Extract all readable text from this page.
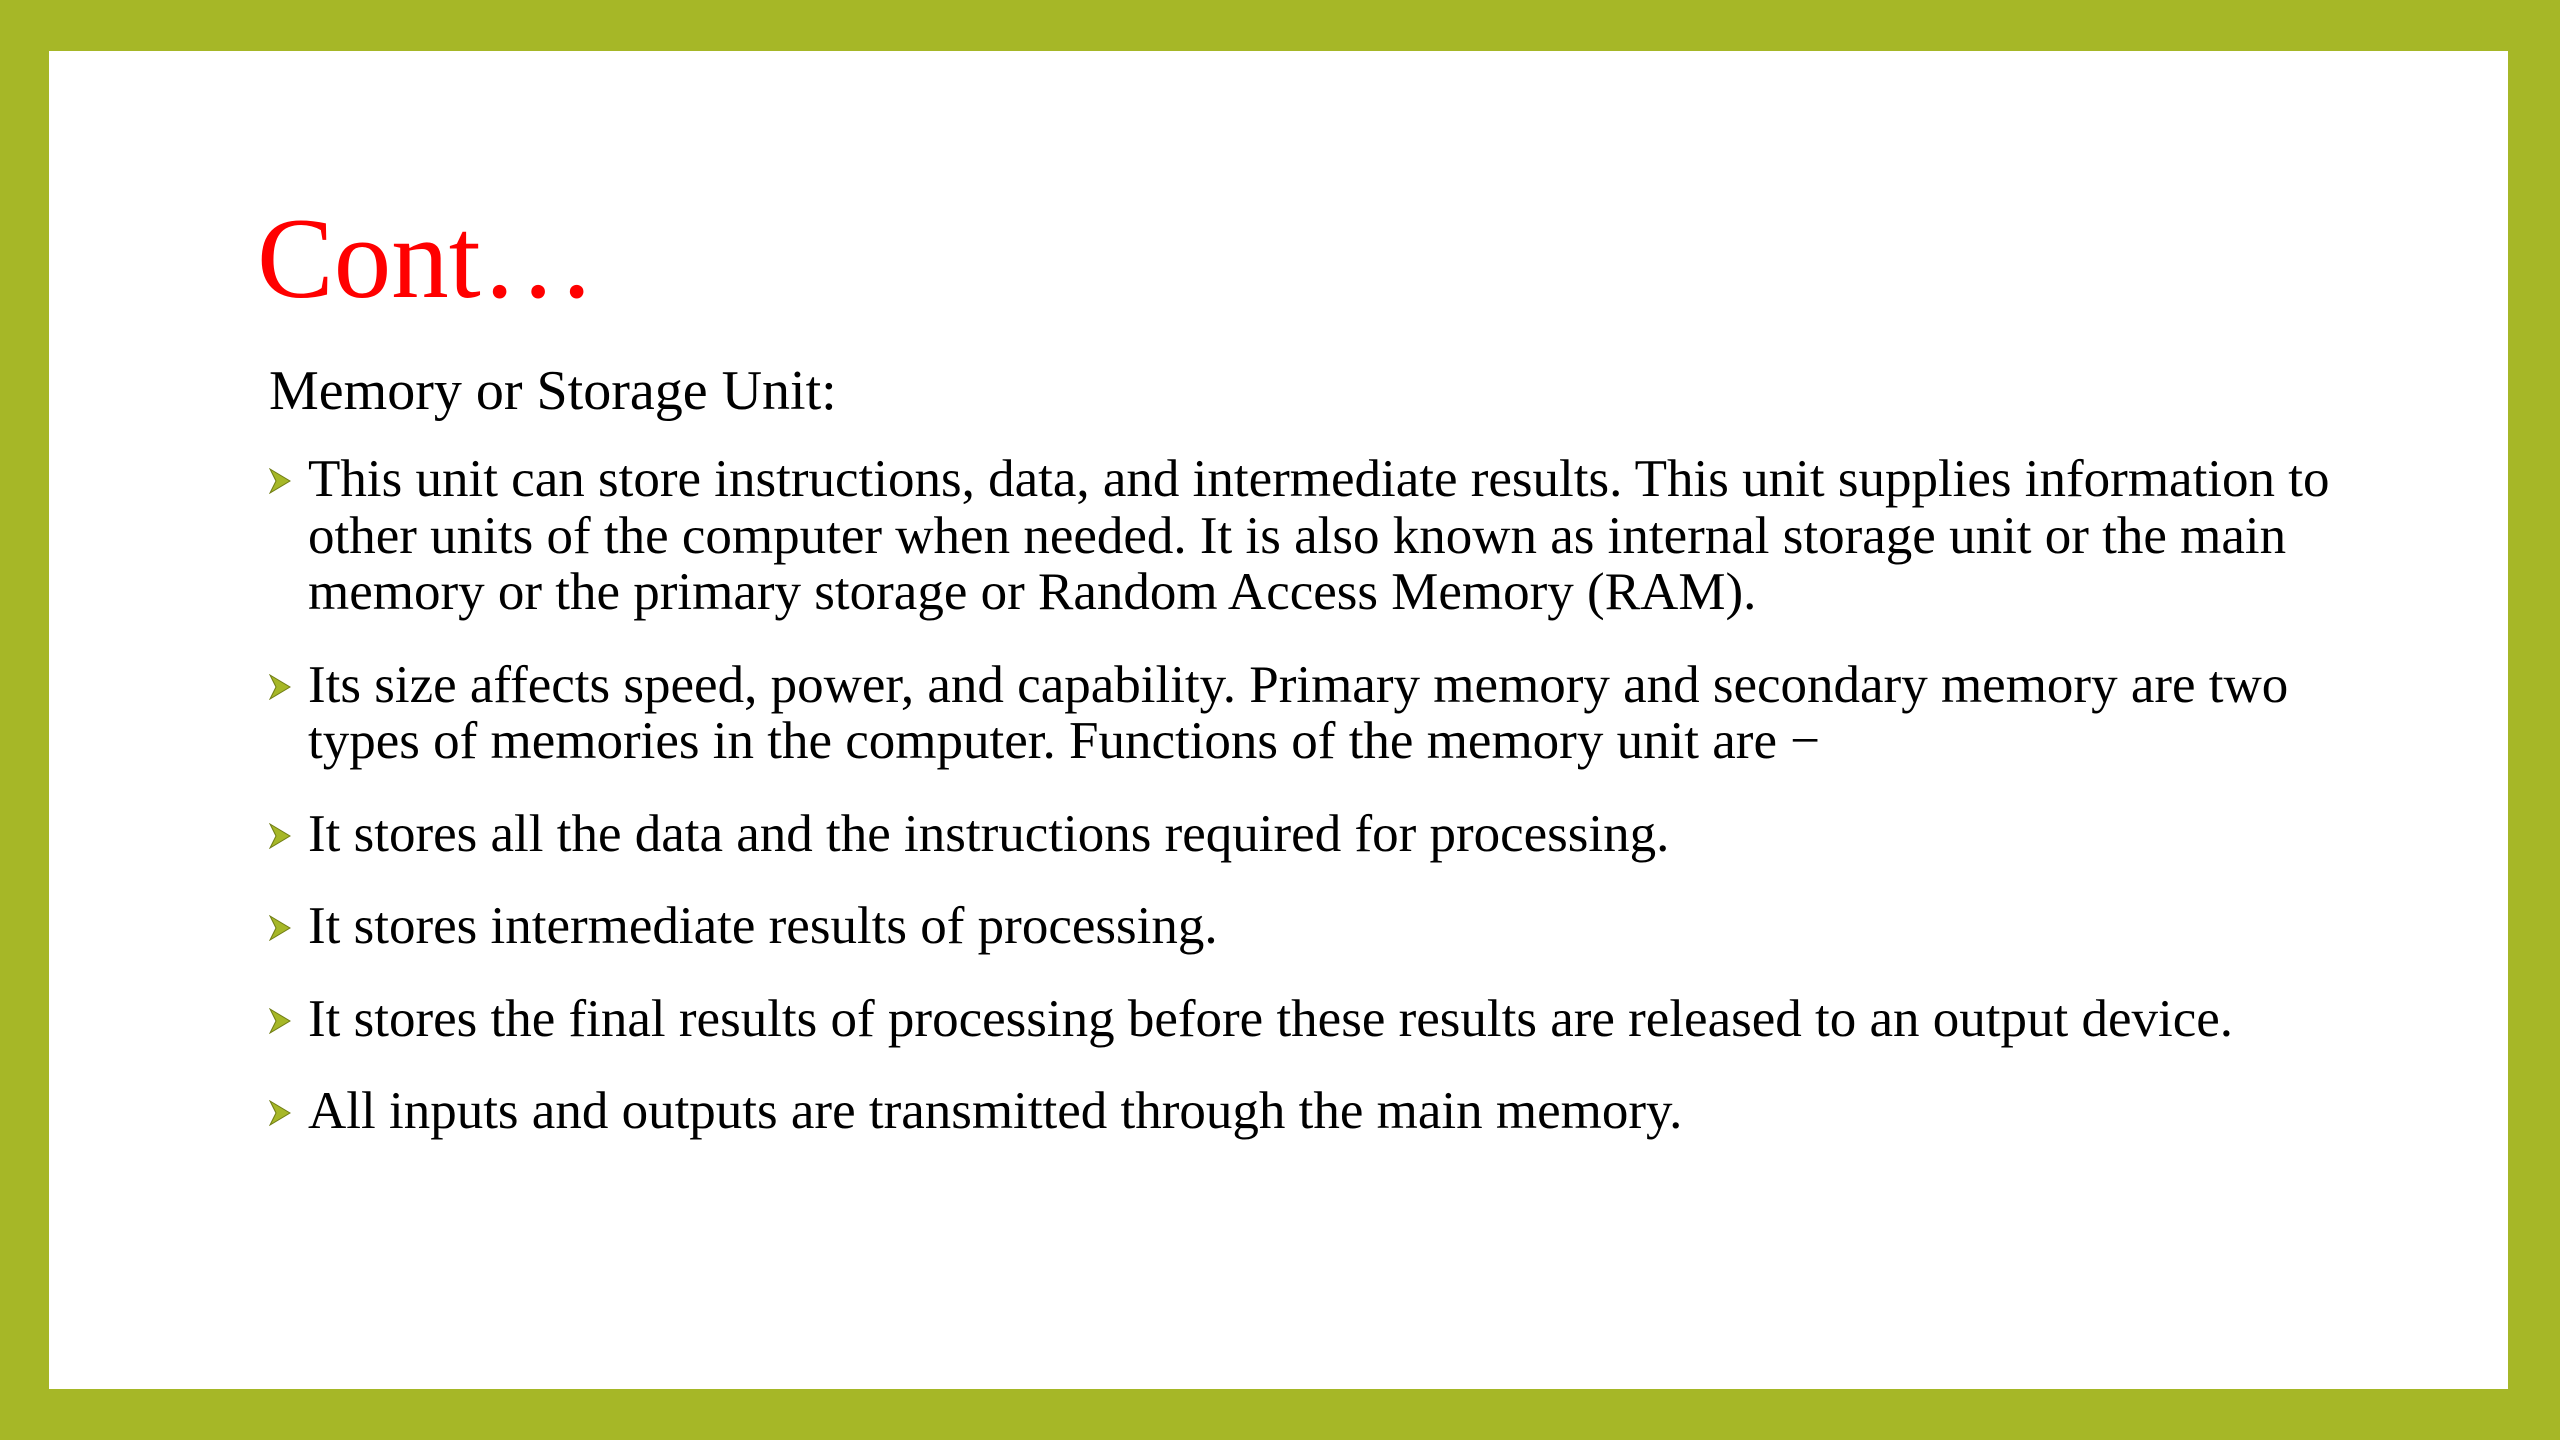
Cont…
Memory or Storage Unit:
This unit can store instructions, data, and intermediate results. This unit supplies information to other units of the computer when needed. It is also known as internal storage unit or the main memory or the primary storage or Random Access Memory (RAM).
Its size affects speed, power, and capability. Primary memory and secondary memory are two types of memories in the computer. Functions of the memory unit are −
It stores all the data and the instructions required for processing.
It stores intermediate results of processing.
It stores the final results of processing before these results are released to an output device.
All inputs and outputs are transmitted through the main memory.
